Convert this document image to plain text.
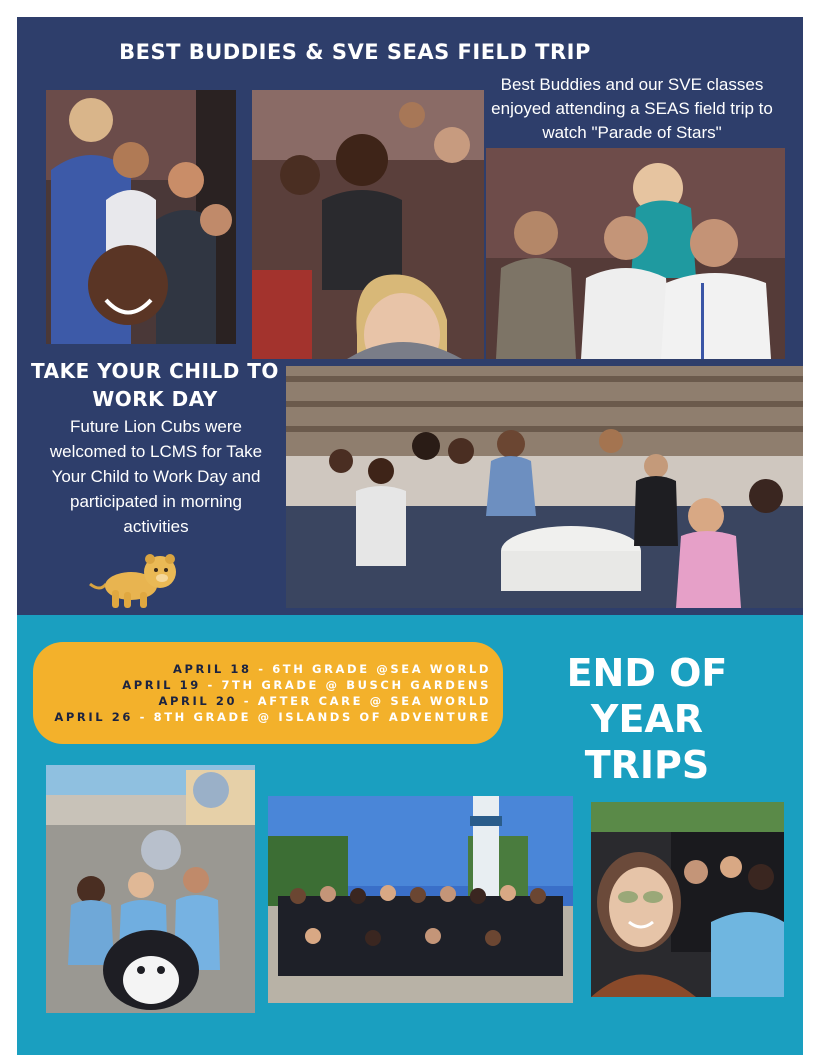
BEST BUDDIES & SVE SEAS FIELD TRIP
Best Buddies and our SVE classes enjoyed attending a SEAS field trip to watch "Parade of Stars"
TAKE YOUR CHILD TO
WORK DAY
Future Lion Cubs were welcomed to LCMS for Take Your Child to Work Day and participated in morning activities
APRIL 18 - 6TH GRADE @SEA WORLD
APRIL 19 - 7TH GRADE @ BUSCH GARDENS
APRIL 20 - AFTER CARE @ SEA WORLD
APRIL 26 - 8TH GRADE @ ISLANDS OF ADVENTURE
END OF YEAR
TRIPS
